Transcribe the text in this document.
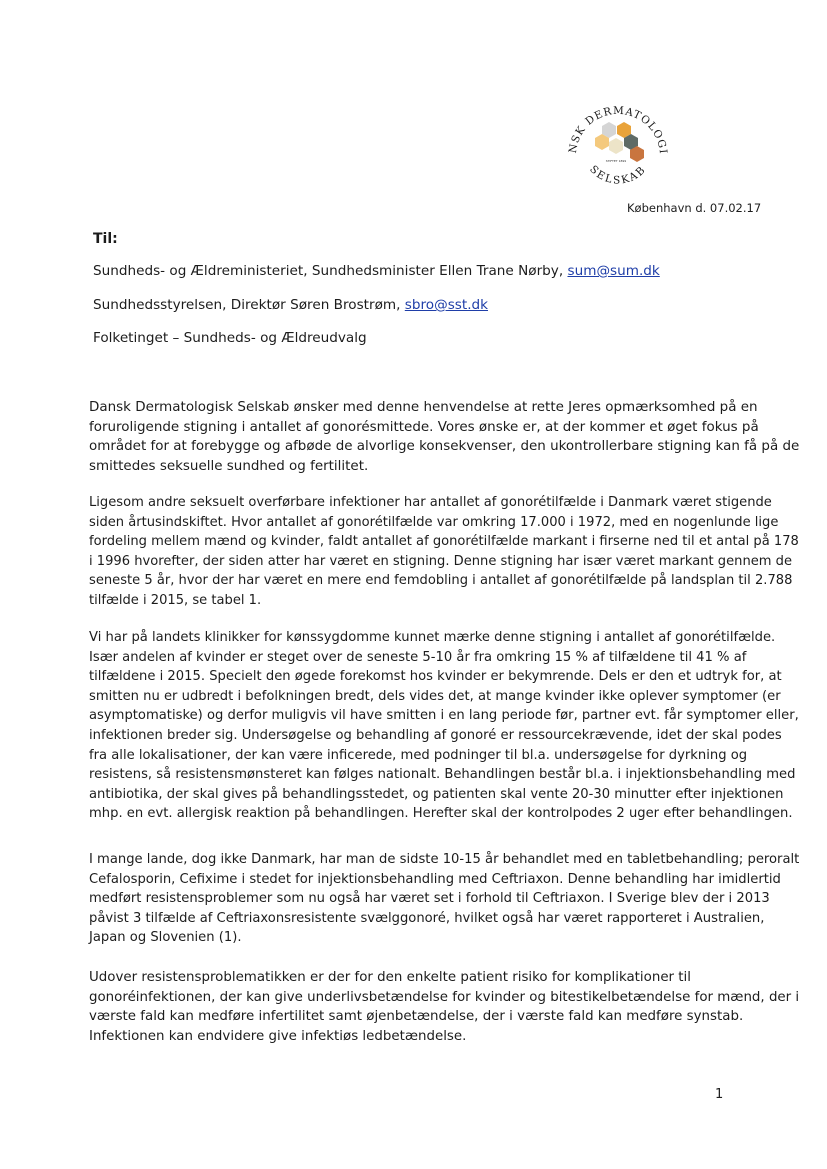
NSK DERMATOLOGI
SELSKAB
STIFTET 1899
København d. 07.02.17
Til:
Sundheds- og Ældreministeriet, Sundhedsminister Ellen Trane Nørby, sum@sum.dk
Sundhedsstyrelsen, Direktør Søren Brostrøm, sbro@sst.dk
Folketinget – Sundheds- og Ældreudvalg
Dansk Dermatologisk Selskab ønsker med denne henvendelse at rette Jeres opmærksomhed på en
foruroligende stigning i antallet af gonorésmittede. Vores ønske er, at der kommer et øget fokus på
området for at forebygge og afbøde de alvorlige konsekvenser, den ukontrollerbare stigning kan få på de
smittedes seksuelle sundhed og fertilitet.
Ligesom andre seksuelt overførbare infektioner har antallet af gonorétilfælde i Danmark været stigende
siden årtusindskiftet. Hvor antallet af gonorétilfælde var omkring 17.000 i 1972, med en nogenlunde lige
fordeling mellem mænd og kvinder, faldt antallet af gonorétilfælde markant i firserne ned til et antal på 178
i 1996 hvorefter, der siden atter har været en stigning. Denne stigning har især været markant gennem de
seneste 5 år, hvor der har været en mere end femdobling i antallet af gonorétilfælde på landsplan til 2.788
tilfælde i 2015, se tabel 1.
Vi har på landets klinikker for kønssygdomme kunnet mærke denne stigning i antallet af gonorétilfælde.
Især andelen af kvinder er steget over de seneste 5-10 år fra omkring 15 % af tilfældene til 41 % af
tilfældene i 2015. Specielt den øgede forekomst hos kvinder er bekymrende. Dels er den et udtryk for, at
smitten nu er udbredt i befolkningen bredt, dels vides det, at mange kvinder ikke oplever symptomer (er
asymptomatiske) og derfor muligvis vil have smitten i en lang periode før, partner evt. får symptomer eller,
infektionen breder sig. Undersøgelse og behandling af gonoré er ressourcekrævende, idet der skal podes
fra alle lokalisationer, der kan være inficerede, med podninger til bl.a. undersøgelse for dyrkning og
resistens, så resistensmønsteret kan følges nationalt. Behandlingen består bl.a. i injektionsbehandling med
antibiotika, der skal gives på behandlingsstedet, og patienten skal vente 20-30 minutter efter injektionen
mhp. en evt. allergisk reaktion på behandlingen. Herefter skal der kontrolpodes 2 uger efter behandlingen.
I mange lande, dog ikke Danmark, har man de sidste 10-15 år behandlet med en tabletbehandling; peroralt
Cefalosporin, Cefixime i stedet for injektionsbehandling med Ceftriaxon. Denne behandling har imidlertid
medført resistensproblemer som nu også har været set i forhold til Ceftriaxon. I Sverige blev der i 2013
påvist 3 tilfælde af Ceftriaxonsresistente svælggonoré, hvilket også har været rapporteret i Australien,
Japan og Slovenien (1).
Udover resistensproblematikken er der for den enkelte patient risiko for komplikationer til
gonoréinfektionen, der kan give underlivsbetændelse for kvinder og bitestikelbetændelse for mænd, der i
værste fald kan medføre infertilitet samt øjenbetændelse, der i værste fald kan medføre synstab.
Infektionen kan endvidere give infektiøs ledbetændelse.
1
